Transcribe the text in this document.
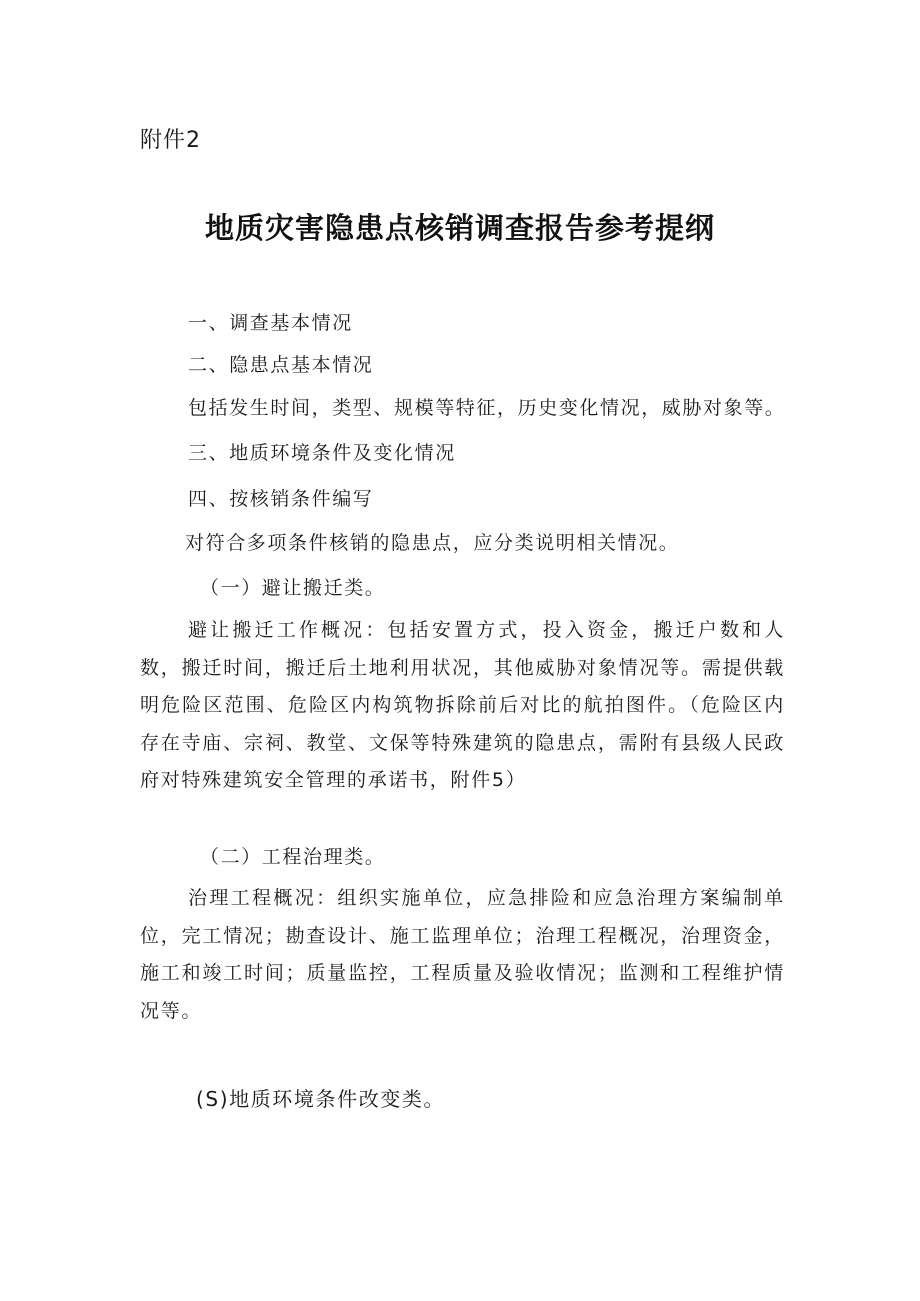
附件2
地质灾害隐患点核销调查报告参考提纲
一、调查基本情况
二、隐患点基本情况
包括发生时间，类型、规模等特征，历史变化情况，威胁对象等。
三、地质环境条件及变化情况
四、按核销条件编写
对符合多项条件核销的隐患点，应分类说明相关情况。
（一）避让搬迁类。
避让搬迁工作概况：包括安置方式，投入资金，搬迁户数和人数，搬迁时间，搬迁后土地利用状况，其他威胁对象情况等。需提供载明危险区范围、危险区内构筑物拆除前后对比的航拍图件。（危险区内存在寺庙、宗祠、教堂、文保等特殊建筑的隐患点，需附有县级人民政府对特殊建筑安全管理的承诺书，附件5）
（二）工程治理类。
治理工程概况：组织实施单位，应急排险和应急治理方案编制单位，完工情况；勘查设计、施工监理单位；治理工程概况，治理资金，施工和竣工时间；质量监控，工程质量及验收情况；监测和工程维护情况等。
(S)地质环境条件改变类。
